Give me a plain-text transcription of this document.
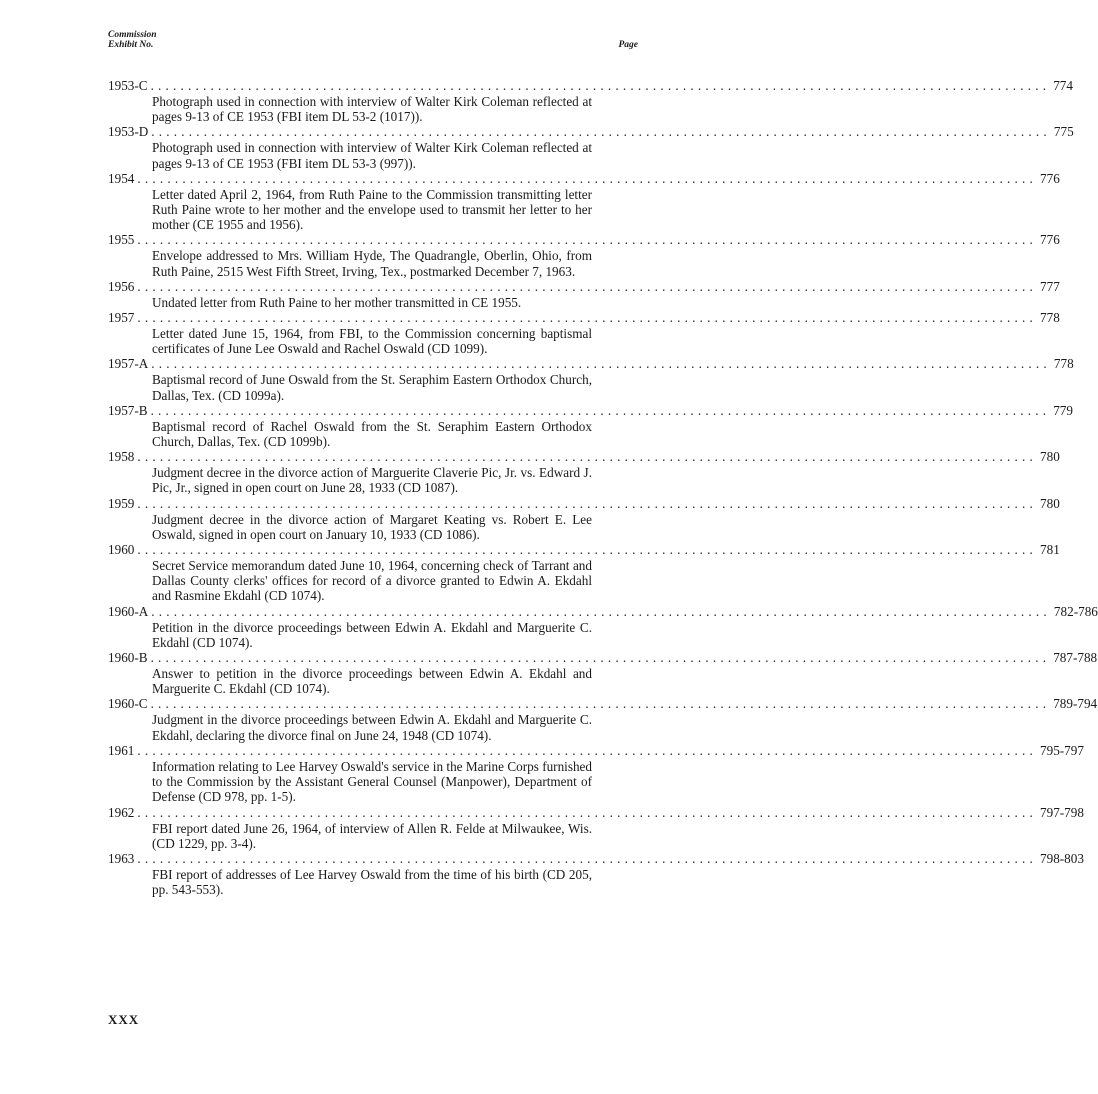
Commission
Exhibit No.	Page
1953-C ........................................................................................................................ 774
Photograph used in connection with interview of Walter Kirk Coleman reflected at pages 9-13 of CE 1953 (FBI item DL 53-2 (1017)).
1953-D ........................................................................................................................ 775
Photograph used in connection with interview of Walter Kirk Coleman reflected at pages 9-13 of CE 1953 (FBI item DL 53-3 (997)).
1954 ........................................................................................................................ 776
Letter dated April 2, 1964, from Ruth Paine to the Commission transmitting letter Ruth Paine wrote to her mother and the envelope used to transmit her letter to her mother (CE 1955 and 1956).
1955 ........................................................................................................................ 776
Envelope addressed to Mrs. William Hyde, The Quadrangle, Oberlin, Ohio, from Ruth Paine, 2515 West Fifth Street, Irving, Tex., postmarked December 7, 1963.
1956 ........................................................................................................................ 777
Undated letter from Ruth Paine to her mother transmitted in CE 1955.
1957 ........................................................................................................................ 778
Letter dated June 15, 1964, from FBI, to the Commission concerning baptismal certificates of June Lee Oswald and Rachel Oswald (CD 1099).
1957-A ........................................................................................................................ 778
Baptismal record of June Oswald from the St. Seraphim Eastern Orthodox Church, Dallas, Tex. (CD 1099a).
1957-B ........................................................................................................................ 779
Baptismal record of Rachel Oswald from the St. Seraphim Eastern Orthodox Church, Dallas, Tex. (CD 1099b).
1958 ........................................................................................................................ 780
Judgment decree in the divorce action of Marguerite Claverie Pic, Jr. vs. Edward J. Pic, Jr., signed in open court on June 28, 1933 (CD 1087).
1959 ........................................................................................................................ 780
Judgment decree in the divorce action of Margaret Keating vs. Robert E. Lee Oswald, signed in open court on January 10, 1933 (CD 1086).
1960 ........................................................................................................................ 781
Secret Service memorandum dated June 10, 1964, concerning check of Tarrant and Dallas County clerks' offices for record of a divorce granted to Edwin A. Ekdahl and Rasmine Ekdahl (CD 1074).
1960-A ........................................................................................................................ 782-786
Petition in the divorce proceedings between Edwin A. Ekdahl and Marguerite C. Ekdahl (CD 1074).
1960-B ........................................................................................................................ 787-788
Answer to petition in the divorce proceedings between Edwin A. Ekdahl and Marguerite C. Ekdahl (CD 1074).
1960-C ........................................................................................................................ 789-794
Judgment in the divorce proceedings between Edwin A. Ekdahl and Marguerite C. Ekdahl, declaring the divorce final on June 24, 1948 (CD 1074).
1961 ........................................................................................................................ 795-797
Information relating to Lee Harvey Oswald's service in the Marine Corps furnished to the Commission by the Assistant General Counsel (Manpower), Department of Defense (CD 978, pp. 1-5).
1962 ........................................................................................................................ 797-798
FBI report dated June 26, 1964, of interview of Allen R. Felde at Milwaukee, Wis. (CD 1229, pp. 3-4).
1963 ........................................................................................................................ 798-803
FBI report of addresses of Lee Harvey Oswald from the time of his birth (CD 205, pp. 543-553).
XXX
